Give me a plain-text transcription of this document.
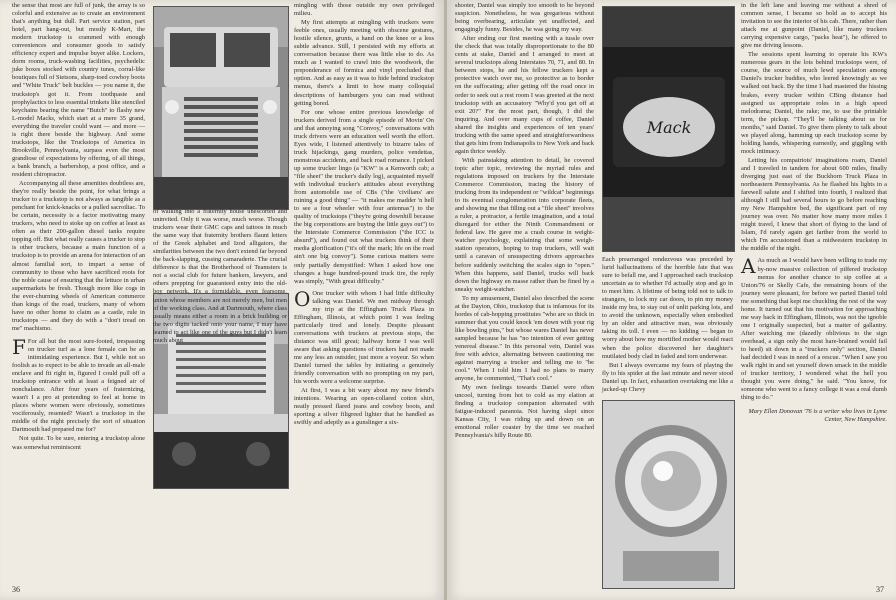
the sense that most are full of junk, the array is so colorful and extensive as to create an environment that's anything but dull. Part service station, part hotel, part hang-out, but mostly K-Mart, the modern truckstop is crammed with enough conveniences and consumer goods to satisfy efficiency expert and impulse buyer alike. Lockers, dorm rooms, truck-washing facilities, psychedelic juke boxes stocked with country tunes, corral-like boutiques full of Stetsons, sharp-toed cowboy boots and "White Truck" belt buckles — you name it, the truckstop's got it. From toothpaste and prophylactics to less essential trinkets like stenciled keychains bearing the name "Butch" to flashy new L-model Macks, which start at a mere 35 grand, everything the traveler could want — and more — is right there beside the highway. And some truckstops, like the Truckstops of America in Brookville, Pennsylvania, surpass even the most grandiose of expectations by offering, of all things, a bank branch, a barbershop, a post office, and a resident chiropractor.

Accompanying all these amenities doubtless are, they're really beside the point, for what brings a trucker to a truckstop is not always as tangible as a penchant for knick-knacks or a pulled sacroiliac. To be certain, necessity is a factor motivating many truckers, who need to stoke up on coffee at least as often as their 200-gallon diesel tanks require topping off. But what really causes a trucker to stop is other truckers, because a main function of a truckstop is to provide an arena for interaction of an almost familial sort, to impart a sense of community to those who have sacrificed roots for the noble cause of ensuring that the lettuce in urban supermarkets be fresh. Though more like cogs in the ever-churning wheels of American commerce than kings of the road, truckers, many of whom have no other home to claim as a castle, rule in truckstops — and they do with a "don't tread on me" machismo.

F For all but the most sure-footed, trespassing on trucker turf as a lone female can be an intimidating experience. But I, while not so foolish as to expect to be able to invade an all-male enclave and fit right in, figured I could pull off a truckstop entrance with at least a feigned air of nonchalance. After four years of fraternizing, wasn't I a pro at pretending to feel at home in places where women were obviously, sometimes vociferously, resented? Wasn't a truckstop in the middle of the night precisely the sort of situation Dartmouth had prepared me for?

Not quite. To be sure, entering a truckstop alone was somewhat reminiscent

of walking into a fraternity house unescorted and uninvited. Only it was worse, much worse. Though truckers wear their GMC caps and tattoos in much the same way that fraternity brothers flaunt letters of the Greek alphabet and Izod alligators, the similarities between the two don't extend far beyond the back-slapping, cussing camaraderie. The crucial difference is that the Brotherhood of Teamsters is not a social club for future bankers, lawyers, and others prepping for guaranteed entry into the old-boy network. It's a formidable, even fearsome, union whose members are not merely men, but men of the working class. And at Dartmouth, where class usually means either a room in a brick building or the two digits tacked onto your name, I may have learned to act like one of the guys but I didn't learn much about

mingling with those outside my own privileged milieu.

My first attempts at mingling with truckers were feeble ones, usually meeting with obscene gestures, hostile silence, grunts, a hand on the knee or a less subtle advance. Still, I persisted with my efforts at conversation because there was little else to do. As much as I wanted to crawl into the woodwork, the preponderance of formica and vinyl precluded that option. And as easy as it was to hide behind truckstop menus, there's a limit to how many colloquial descriptions of hamburgers you can read without getting bored.

For one whose entire previous knowledge of truckers derived from a single episode of Movin' On and that annoying song "Convoy," conversations with truck drivers were an education well worth the effort. Eyes wide, I listened attentively to bizarre tales of truck hijackings, gang murders, police vendettas, monstrous accidents, and back road romance. I picked up some trucker lingo (a "KW" is a Kenworth cab; a "file sheet" the trucker's daily log), acquainted myself with individual trucker's attitudes about everything from automobile use of CBs ("the 'civilians' are ruining a good thing" — "it makes me madder 'n hell to see a four wheeler with four antennas") to the quality of truckstops ("they're going downhill because the big corporations are buying the little guys out") to the Interstate Commerce Commission ("the ICC is absurd"), and found out what truckers think of their media glorification ("it's off the mark; life on the road ain't one big convoy"). Some curious matters were only partially demystified: When I asked how one changes a huge hundred-pound truck tire, the reply was simply, "With great difficulty."

O One trucker with whom I had little difficulty talking was Daniel. We met midway through my trip at the Effingham Truck Plaza in Effingham, Illinois, at which point I was feeling particularly tired and lonely. Despite pleasant conversations with truckers at previous stops, the distance was still great; halfway home I was well aware that asking questions of truckers had not made me any less an outsider, just more a voyeur. So when Daniel turned the tables by initiating a genuinely friendly conversation with no prompting on my part, his words were a welcome surprise.

At first, I was a bit wary about my new friend's intentions. Wearing an open-collared cotton shirt, neatly pressed flared jeans and cowboy boots, and sporting a silver filigreed lighter that he handled as swiftly and adeptly as a gunslinger a six-

36

shooter, Daniel was simply too smooth to be beyond suspicion. Nonetheless, he was gregarious without being overbearing, articulate yet unaffected, and engagingly funny. Besides, he was going my way.

After ending our first meeting with a tussle over the check that was totally disproportionate to the 80 cents at stake, Daniel and I arranged to meet at several truckstops along Interstates 70, 71, and 80. In between stops, he and his fellow truckers kept a protective watch over me, so protective as to border on the suffocating; after getting off the road once in order to seek out a rest room I was greeted at the next truckstop with an accusatory "Why'd you get off at exit 20?" For the most part, though, I did the inquiring. And over many cups of coffee, Daniel shared the insights and experiences of ten years' trucking with the same speed and straightforwardness that gets him from Indianapolis to New York and back again thrice weekly.

With painstaking attention to detail, he covered topic after topic, reviewing the myriad rules and regulations imposed on truckers by the Interstate Commerce Commission, tracing the history of trucking from its independent or "wildcat" beginnings to its eventual conglomeration into corporate fleets, and showing me that filling out a "file sheet" involves a ruler, a protractor, a fertile imagination, and a total disregard for either the Ninth Commandment or federal law. He gave me a crash course in weight-watcher psychology, explaining that some weigh-station operators, hoping to trap truckers, will wait until a caravan of unsuspecting drivers approaches before suddenly switching the scales sign to "open." When this happens, said Daniel, trucks will back down the highway en masse rather than be fined by a sneaky weight-watcher.

To my amusement, Daniel also described the scene at the Dayton, Ohio, truckstop that is infamous for its hordes of cab-hopping prostitutes "who are so thick in summer that you could knock 'em down with your rig like bowling pins," but whose wares Daniel has never sampled because he has "no intention of ever getting venereal disease." In this personal vein, Daniel was free with advice, alternating between cautioning me against marrying a trucker and telling me to "be cool." When I told him I had no plans to marry anyone, he commented, "That's cool."

My own feelings towards Daniel were often uncool, turning from hot to cold as my elation at finding a truckstop companion alternated with fatigue-induced paranoia. Not having slept since Kansas City, I was riding up and down on an emotional roller coaster by the time we reached Pennsylvania's hilly Route 80.

Mack

Each prearranged rendezvous was preceded by lurid hallucinations of the horrible fate that was sure to befall me, and I approached each truckstop uncertain as to whether I'd actually stop and go in to meet him. A lifetime of being told not to talk to strangers, to lock my car doors, to pin my money inside my bra, to stay out of unlit parking lots, and to avoid the unknown, especially when embodied by an older and attractive man, was obviously taking its toll. I even — no kidding — began to worry about how my mortified mother would react when the police discovered her daughter's mutilated body clad in faded and torn underwear.

But I always overcame my fears of playing the fly to his spider at the last minute and never stood Daniel up. In fact, exhaustion overtaking me like a jacked-up Chevy

in the left lane and leaving me without a shred of common sense, I became so bold as to accept his invitation to see the interior of his cab. There, rather than attack me at gunpoint (Daniel, like many truckers carrying expensive cargo, "packs heat"), he offered to give me driving lessons.

The sessions spent learning to operate his KW's numerous gears in the lots behind truckstops were, of course, the source of much lewd speculation among Daniel's trucker buddies, who leered knowingly as we walked out back. By the time I had mastered the hissing brakes, every trucker within CBing distance had assigned us appropriate roles in a high speed melodrama; Daniel, the rake; me, to use the printable term, the pickup. "They'll be talking about us for months," said Daniel. To give them plenty to talk about we played along, hamming up each truckstop scene by holding hands, whispering earnestly, and giggling with mock intimacy.

Letting his compatriots' imaginations roam, Daniel and I traveled in tandem for about 600 miles, finally diverging just east of the Buckhorn Truck Plaza in northeastern Pennsylvania. As he flashed his lights in a farewell salute and I shifted into fourth, I realized that although I still had several hours to go before reaching my New Hampshire bed, the significant part of my journey was over. No matter how many more miles I might travel, I knew that short of flying to the land of Islam, I'd rarely again get farther from the world to which I'm accustomed than a midwestern truckstop in the middle of the night.

A As much as I would have been willing to trade my by-now massive collection of pilfered truckstop menus for another chance to sip coffee at a Union/76 or Skelly Cafe, the remaining hours of the journey were pleasant, for before we parted Daniel told me something that kept me chuckling the rest of the way home. It turned out that his motivation for approaching me way back in Effingham, Illinois, was not the ignoble one I originally suspected, but a matter of gallantry. After watching me (dazedly oblivious to the sign overhead, a sign only the most hare-brained would fail to heed) sit down in a "truckers only" section, Daniel had decided I was in need of a rescue. "When I saw you walk right in and set yourself down smack in the middle of trucker territory, I wondered what the hell you thought you were doing," he said. "You know, for someone who went to a fancy college it was a real dumb thing to do."

Mary Ellen Donovan '76 is a writer who lives in Lyme Center, New Hampshire.
37
